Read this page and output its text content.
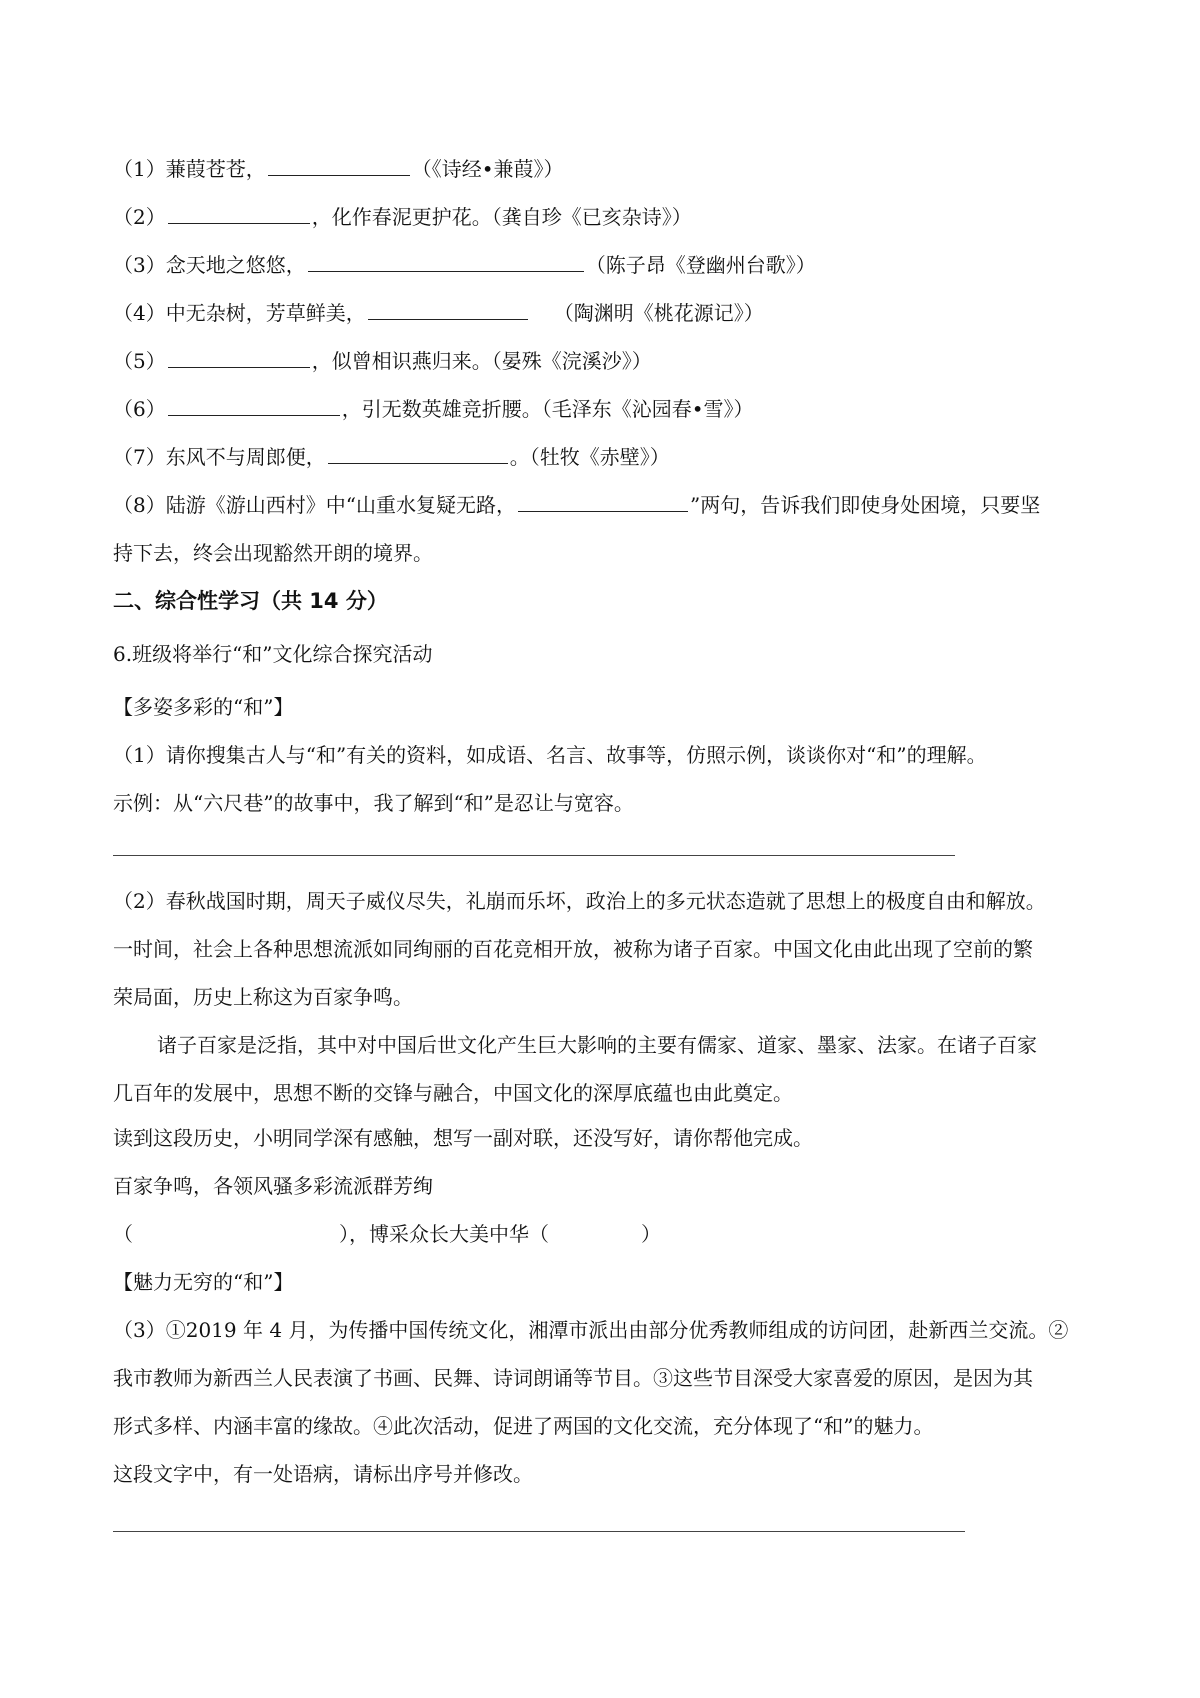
（1）蒹葭苍苍，	（《诗经•兼葭》）
（2）	，化作春泥更护花。（龚自珍《已亥杂诗》）
（3）念天地之悠悠，	（陈子昂《登幽州台歌》）
（4）中无杂树，芳草鲜美，	（陶渊明《桃花源记》）
（5）	，似曾相识燕归来。（晏殊《浣溪沙》）
（6）	，引无数英雄竞折腰。（毛泽东《沁园春•雪》）
（7）东风不与周郎便，	。（牡牧《赤壁》）
（8）陆游《游山西村》中“山重水复疑无路，	”两句，告诉我们即使身处困境，只要坚
持下去，终会出现豁然开朗的境界。
二、综合性学习（共 14 分）
6.班级将举行“和”文化综合探究活动
【多姿多彩的“和”】
（1）请你搜集古人与“和”有关的资料，如成语、名言、故事等，仿照示例，谈谈你对“和”的理解。
示例：从“六尺巷”的故事中，我了解到“和”是忍让与宽容。
（2）春秋战国时期，周天子威仪尽失，礼崩而乐坏，政治上的多元状态造就了思想上的极度自由和解放。
一时间，社会上各种思想流派如同绚丽的百花竞相开放，被称为诸子百家。中国文化由此出现了空前的繁
荣局面，历史上称这为百家争鸣。
诸子百家是泛指，其中对中国后世文化产生巨大影响的主要有儒家、道家、墨家、法家。在诸子百家
几百年的发展中，思想不断的交锋与融合，中国文化的深厚底蕴也由此奠定。
读到这段历史，小明同学深有感触，想写一副对联，还没写好，请你帮他完成。
百家争鸣，各领风骚多彩流派群芳绚
（	），博采众长大美中华（	）
【魅力无穷的“和”】
（3）①2019 年 4 月，为传播中国传统文化，湘潭市派出由部分优秀教师组成的访问团，赴新西兰交流。②
我市教师为新西兰人民表演了书画、民舞、诗词朗诵等节目。③这些节目深受大家喜爱的原因，是因为其
形式多样、内涵丰富的缘故。④此次活动，促进了两国的文化交流，充分体现了“和”的魅力。
这段文字中，有一处语病，请标出序号并修改。
